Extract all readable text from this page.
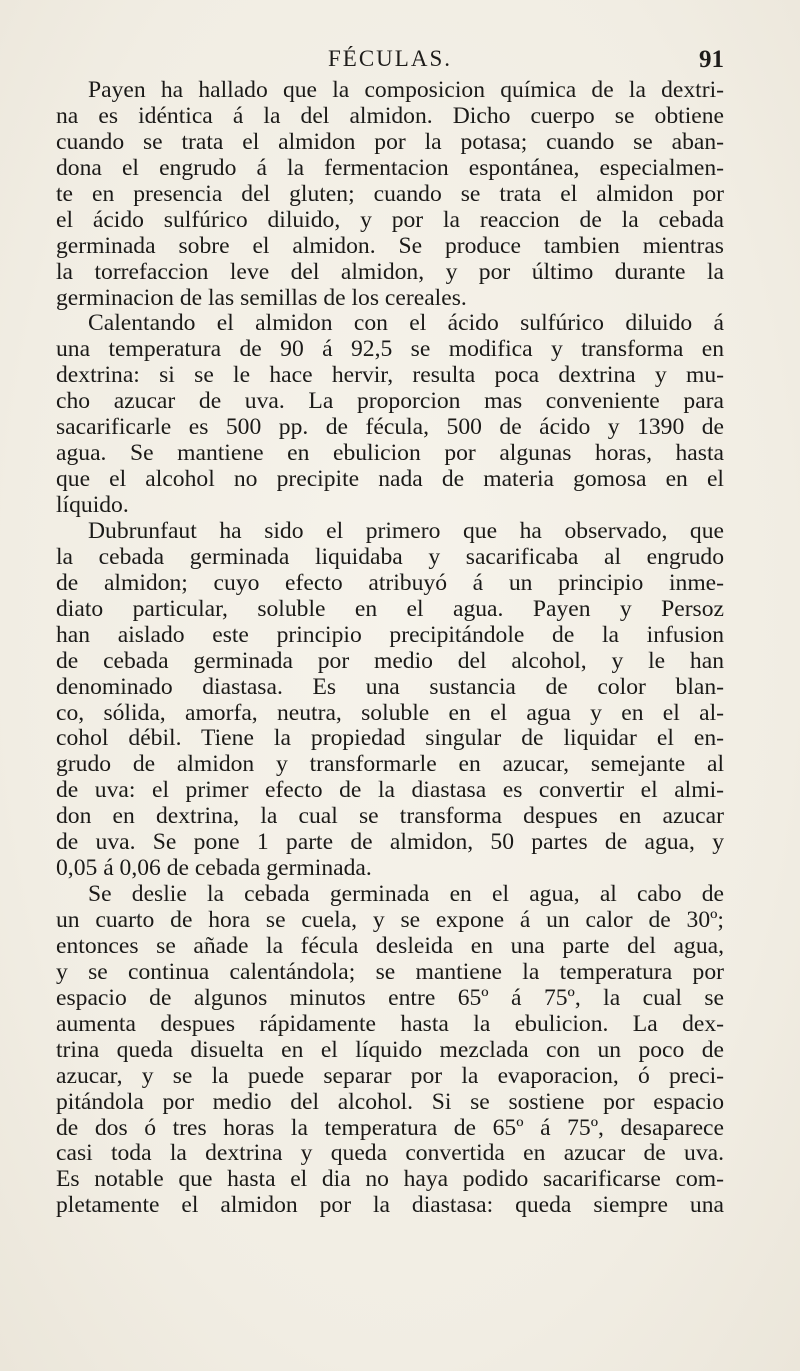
FÉCULAS.	91
Payen ha hallado que la composicion química de la dextri-
na es idéntica á la del almidon. Dicho cuerpo se obtiene
cuando se trata el almidon por la potasa; cuando se aban-
dona el engrudo á la fermentacion espontánea, especialmen-
te en presencia del gluten; cuando se trata el almidon por
el ácido sulfúrico diluido, y por la reaccion de la cebada
germinada sobre el almidon. Se produce tambien mientras
la torrefaccion leve del almidon, y por último durante la
germinacion de las semillas de los cereales.
Calentando el almidon con el ácido sulfúrico diluido á
una temperatura de 90 á 92,5 se modifica y transforma en
dextrina: si se le hace hervir, resulta poca dextrina y mu-
cho azucar de uva. La proporcion mas conveniente para
sacarificarle es 500 pp. de fécula, 500 de ácido y 1390 de
agua. Se mantiene en ebulicion por algunas horas, hasta
que el alcohol no precipite nada de materia gomosa en el
líquido.
Dubrunfaut ha sido el primero que ha observado, que
la cebada germinada liquidaba y sacarificaba al engrudo
de almidon; cuyo efecto atribuyó á un principio inme-
diato particular, soluble en el agua. Payen y Persoz
han aislado este principio precipitándole de la infusion
de cebada germinada por medio del alcohol, y le han
denominado diastasa. Es una sustancia de color blan-
co, sólida, amorfa, neutra, soluble en el agua y en el al-
cohol débil. Tiene la propiedad singular de liquidar el en-
grudo de almidon y transformarle en azucar, semejante al
de uva: el primer efecto de la diastasa es convertir el almi-
don en dextrina, la cual se transforma despues en azucar
de uva. Se pone 1 parte de almidon, 50 partes de agua, y
0,05 á 0,06 de cebada germinada.
Se deslie la cebada germinada en el agua, al cabo de
un cuarto de hora se cuela, y se expone á un calor de 30º;
entonces se añade la fécula desleida en una parte del agua,
y se continua calentándola; se mantiene la temperatura por
espacio de algunos minutos entre 65º á 75º, la cual se
aumenta despues rápidamente hasta la ebulicion. La dex-
trina queda disuelta en el líquido mezclada con un poco de
azucar, y se la puede separar por la evaporacion, ó preci-
pitándola por medio del alcohol. Si se sostiene por espacio
de dos ó tres horas la temperatura de 65º á 75º, desaparece
casi toda la dextrina y queda convertida en azucar de uva.
Es notable que hasta el dia no haya podido sacarificarse com-
pletamente el almidon por la diastasa: queda siempre una
